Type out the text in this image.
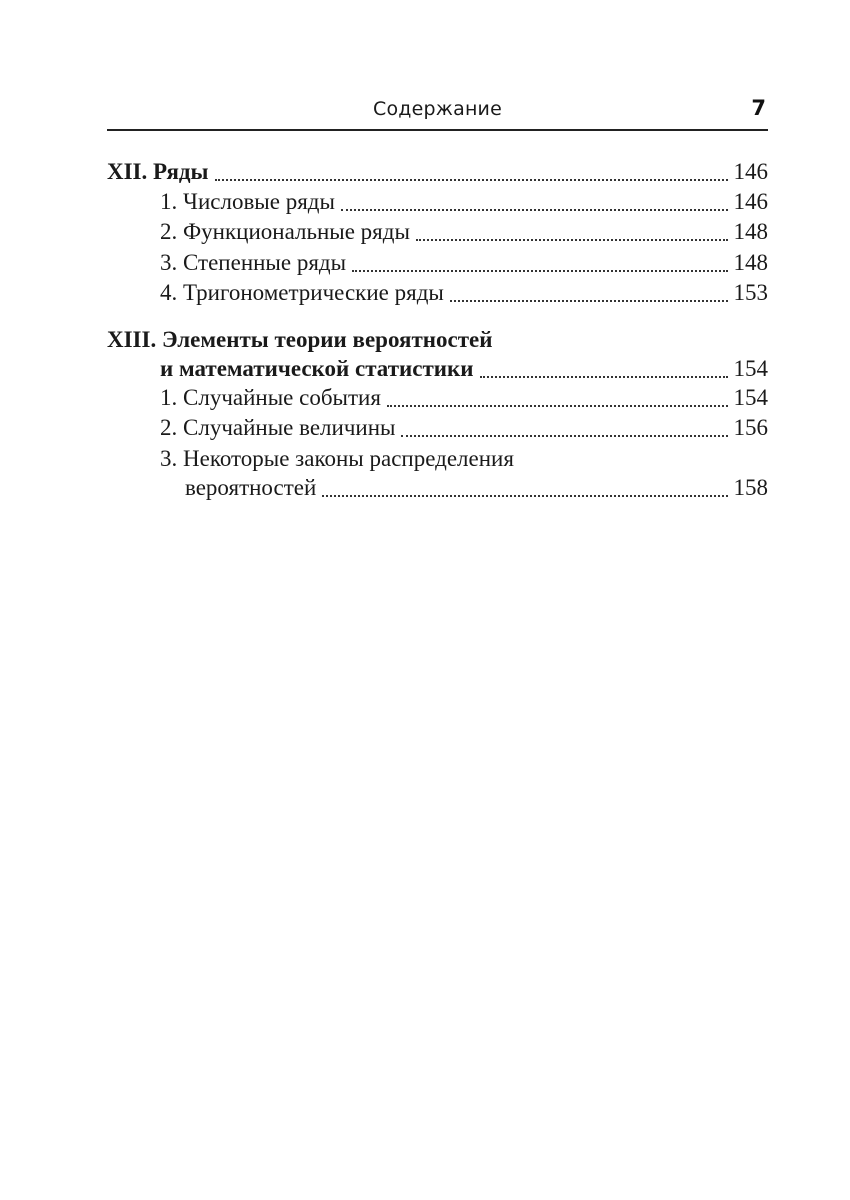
Содержание	7
XII. Ряды	146
1. Числовые ряды	146
2. Функциональные ряды	148
3. Степенные ряды	148
4. Тригонометрические ряды	153
XIII. Элементы теории вероятностей
и математической статистики	154
1. Случайные события	154
2. Случайные величины	156
3. Некоторые законы распределения
вероятностей	158
